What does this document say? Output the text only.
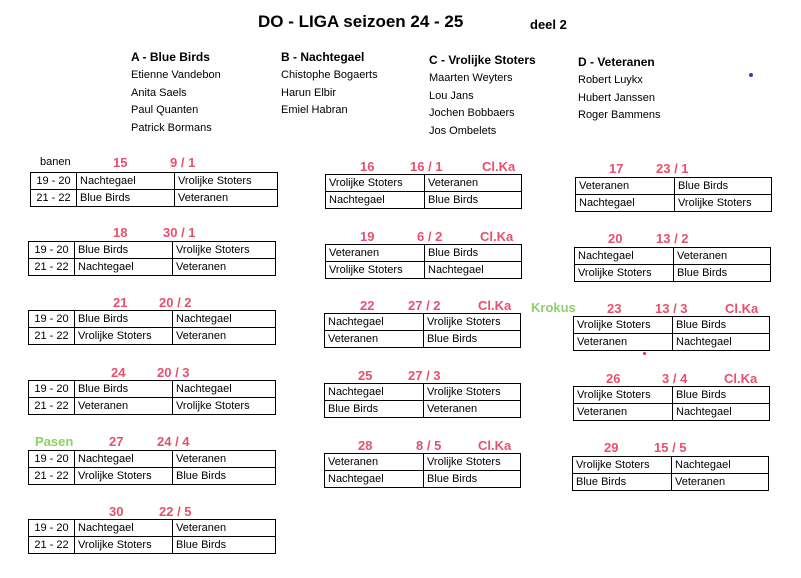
DO - LIGA seizoen 24 - 25	deel 2
A - Blue Birds
Etienne Vandebon
Anita Saels
Paul Quanten
Patrick Bormans
B - Nachtegael
Chistophe Bogaerts
Harun Elbir
Emiel Habran
C - Vrolijke Stoters
Maarten Weyters
Lou Jans
Jochen Bobbaers
Jos Ombelets
D - Veteranen
Robert Luykx
Hubert Janssen
Roger Bammens
banen	15	9 / 1
18	30 / 1
21 20 / 2
24 20 / 3
Pasen	27	24 / 4
30	22 / 5
16	16 / 1	Cl.Ka
19	6 / 2	Cl.Ka
22	27 / 2	Cl.Ka
25	27 / 3
28	8 / 5	Cl.Ka
17	23 / 1
20	13 / 2
Krokus 23	13 / 3	Cl.Ka
26	3 / 4	Cl.Ka
29	15 / 5
19 - 20	Nachtegael	Vrolijke Stoters
21 - 22	Blue Birds	Veteranen
19 - 20	Blue Birds	Vrolijke Stoters
21 - 22	Nachtegael	Veteranen
19 - 20	Blue Birds	Nachtegael
21 - 22	Vrolijke Stoters	Veteranen
19 - 20	Blue Birds	Nachtegael
21 - 22	Veteranen	Vrolijke Stoters
19 - 20	Nachtegael	Veteranen
21 - 22	Vrolijke Stoters	Blue Birds
19 - 20	Nachtegael	Veteranen
21 - 22	Vrolijke Stoters	Blue Birds
Vrolijke Stoters	Veteranen
Nachtegael	Blue Birds
Veteranen	Blue Birds
Vrolijke Stoters	Nachtegael
Nachtegael	Vrolijke Stoters
Veteranen	Blue Birds
Nachtegael	Vrolijke Stoters
Blue Birds	Veteranen
Veteranen	Vrolijke Stoters
Nachtegael	Blue Birds
Veteranen	Blue Birds
Nachtegael	Vrolijke Stoters
Nachtegael	Veteranen
Vrolijke Stoters	Blue Birds
Vrolijke Stoters	Blue Birds
Veteranen	Nachtegael
Vrolijke Stoters	Blue Birds
Veteranen	Nachtegael
Vrolijke Stoters	Nachtegael
Blue Birds	Veteranen
